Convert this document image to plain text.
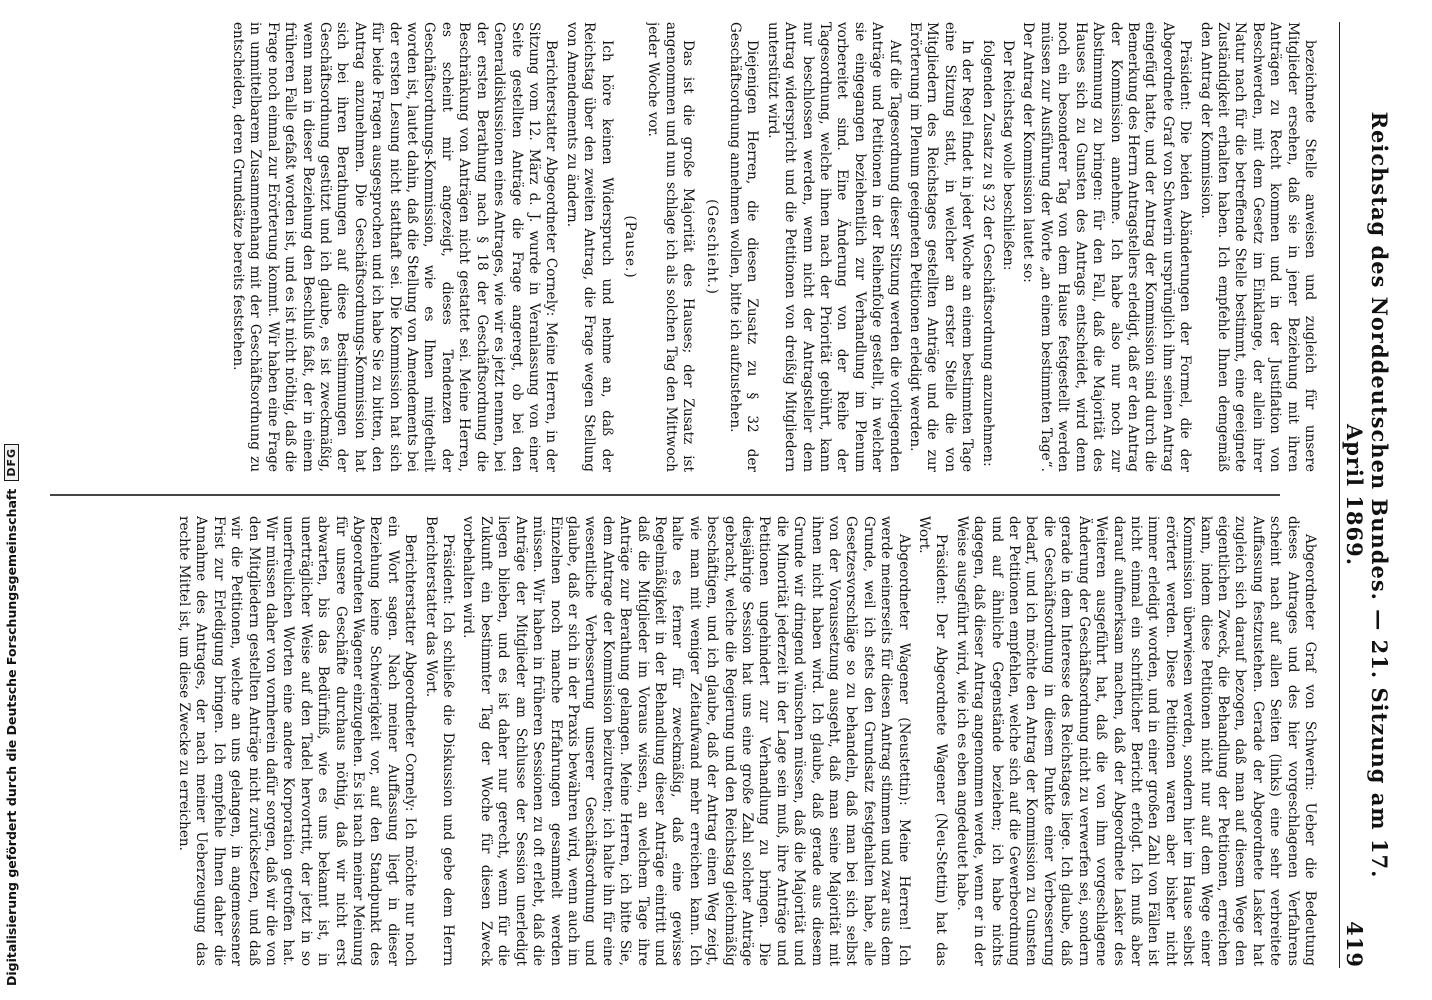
Reichstag des Norddeutschen Bundes. — 21. Sitzung am 17. April 1869.
419

bezeichnete Stelle anweisen und zugleich für unsere Mitglieder ersehen, daß sie in jener Beziehung mit ihren Anträgen zu Recht kommen und in der Justiflation von Beschwerden, mit dem Gesetz im Einklange, der allein ihrer Natur nach für die betreffende Stelle bestimmt, eine geeignete Zuständigkeit erhalten haben. Ich empfehle Ihnen demgemäß den Antrag der Kommission.

Präsident: Die beiden Abänderungen der Formel, die der Abgeordnete Graf von Schwerin ursprünglich ihm seinen Antrag eingefügt hatte, und der Antrag der Kommission sind durch die Bemerkung des Herrn Antragstellers erledigt, daß er den Antrag der Kommission annehme. Ich habe also nur noch zur Abstimmung zu bringen: für den Fall, daß die Majorität des Hauses sich zu Gunsten des Antrags entscheidet, wird denn noch ein besonderer Tag von dem Hause festgestellt werden müssen zur Ausführung der Worte „an einem bestimmten Tage“. Der Antrag der Kommission lautet so:

Der Reichstag wolle beschließen:

folgenden Zusatz zu § 32 der Geschäftsordnung anzunehmen:

In der Regel findet in jeder Woche an einem bestimmten Tage eine Sitzung statt, in welcher an erster Stelle die von Mitgliedern des Reichstages gestellten Anträge und die zur Erörterung im Plenum geeigneten Petitionen erledigt werden.

Auf die Tagesordnung dieser Sitzung werden die vorliegenden Anträge und Petitionen in der Reihenfolge gestellt, in welcher sie eingegangen beziehentlich zur Verhandlung im Plenum vorbereitet sind. Eine Änderung von der Reihe der Tagesordnung, welche ihnen nach der Priorität gebührt, kann nur beschlossen werden, wenn nicht der Antragsteller dem Antrag widerspricht und die Petitionen von dreißig Mitgliedern unterstützt wird.

Diejenigen Herren, die diesen Zusatz zu § 32 der Geschäftsordnung annehmen wollen, bitte ich aufzustehen.

(Geschieht.)

Das ist die große Majorität des Hauses; der Zusatz ist angenommen und nun schlage ich als solchen Tag den Mittwoch jeder Woche vor.

(Pause.)

Ich höre keinen Widerspruch und nehme an, daß der Reichstag über den zweiten Antrag, die Frage wegen Stellung von Amendements zu ändern.

Berichterstatter Abgeordneter Cornely: Meine Herren, in der Sitzung vom 12. März d. J. wurde in Veranlassung von einer Seite gestellten Anträge die Frage angeregt, ob bei den Generaldiskussionen eines Antrages, wie wir es jetzt nennen, bei der ersten Berathung nach § 18 der Geschäftsordnung die Beschränkung von Anträgen nicht gestattet sei. Meine Herren, es scheint mir angezeigt, dieses Tendenzen der Geschäftsordnungs-Kommission, wie es Ihnen mitgetheilt worden ist, lautet dahin, daß die Stellung von Amendements bei der ersten Lesung nicht statthaft sei. Die Kommission hat sich für beide Fragen ausgesprochen und ich habe Sie zu bitten, den Antrag anzunehmen. Die Geschäftsordnungs-Kommission hat sich bei ihren Berathungen auf diese Bestimmungen der Geschäftsordnung gestützt und ich glaube, es ist zweckmäßig, wenn man in dieser Beziehung den Beschluß faßt, der in einem früheren Falle gefaßt worden ist, und es ist nicht nöthig, daß die Frage noch einmal zur Erörterung kommt. Wir haben eine Frage in unmittelbarem Zusammenhang mit der Geschäftsordnung zu entscheiden, deren Grundsätze bereits feststehen.

Abgeordneter Graf von Schwerin: Ueber die Bedeutung dieses Antrages und des hier vorgeschlagenen Verfahrens scheint nach auf allen Seiten (links) eine sehr verbreitete Auffassung festzustehen. Gerade der Abgeordnete Lasker hat zugleich sich darauf bezogen, daß man auf diesem Wege den eigentlichen Zweck, die Behandlung der Petitionen, erreichen kann, indem diese Petitionen nicht nur auf dem Wege einer Kommission überwiesen werden, sondern hier im Hause selbst erörtert werden. Diese Petitionen waren aber bisher nicht immer erledigt worden, und in einer großen Zahl von Fällen ist nicht einmal ein schriftlicher Bericht erfolgt. Ich muß aber darauf aufmerksam machen, daß der Abgeordnete Lasker des Weiteren ausgeführt hat, daß die von ihm vorgeschlagene Änderung der Geschäftsordnung nicht zu verwerfen sei, sondern gerade in dem Interesse des Reichstages liege. Ich glaube, daß die Geschäftsordnung in diesem Punkte einer Verbesserung bedarf, und ich möchte den Antrag der Kommission zu Gunsten der Petitionen empfehlen, welche sich auf die Gewerbeordnung und auf ähnliche Gegenstände beziehen; ich habe nichts dagegen, daß dieser Antrag angenommen werde, wenn er in der Weise ausgeführt wird, wie ich es eben angedeutet habe.

Präsident: Der Abgeordnete Wagener (Neu-Stettin) hat das Wort.

Abgeordneter Wagener (Neustettin): Meine Herren! Ich werde meinerseits für diesen Antrag stimmen und zwar aus dem Grunde, weil ich stets den Grundsatz festgehalten habe, alle Gesetzesvorschläge so zu behandeln, daß man bei sich selbst von der Voraussetzung ausgeht, daß man seine Majorität mit ihnen nicht haben wird. Ich glaube, daß gerade aus diesem Grunde wir dringend wünschen müssen, daß die Majorität und die Minorität jederzeit in der Lage sein muß, ihre Anträge und Petitionen ungehindert zur Verhandlung zu bringen. Die diesjährige Session hat uns eine große Zahl solcher Anträge gebracht, welche die Regierung und den Reichstag gleichmäßig beschäftigen, und ich glaube, daß der Antrag einen Weg zeigt, wie man mit weniger Zeitaufwand mehr erreichen kann. Ich halte es ferner für zweckmäßig, daß eine gewisse Regelmäßigkeit in der Behandlung dieser Anträge eintritt und daß die Mitglieder im Voraus wissen, an welchem Tage ihre Anträge zur Berathung gelangen. Meine Herren, ich bitte Sie, dem Antrage der Kommission beizutreten; ich halte ihn für eine wesentliche Verbesserung unserer Geschäftsordnung und glaube, daß er sich in der Praxis bewähren wird, wenn auch im Einzelnen noch manche Erfahrungen gesammelt werden müssen. Wir haben in früheren Sessionen zu oft erlebt, daß die Anträge der Mitglieder am Schlusse der Session unerledigt liegen blieben, und es ist daher nur gerecht, wenn für die Zukunft ein bestimmter Tag der Woche für diesen Zweck vorbehalten wird.

Präsident: Ich schließe die Diskussion und gebe dem Herrn Berichterstatter das Wort.

Berichterstatter Abgeordneter Cornely: Ich möchte nur noch ein Wort sagen. Nach meiner Auffassung liegt in dieser Beziehung keine Schwierigkeit vor, auf den Standpunkt des Abgeordneten Wagener einzugehen. Es ist nach meiner Meinung für unsere Geschäfte durchaus nöthig, daß wir nicht erst abwarten, bis das Bedürfniß, wie es uns bekannt ist, in unerträglicher Weise auf den Tadel hervortritt, der jetzt in so unerfreulichen Worten eine andere Korporation getroffen hat. Wir müssen daher von vornherein dafür sorgen, daß wir die von den Mitgliedern gestellten Anträge nicht zurücksetzen, und daß wir die Petitionen, welche an uns gelangen, in angemessener Frist zur Erledigung bringen. Ich empfehle Ihnen daher die Annahme des Antrages, der nach meiner Ueberzeugung das rechte Mittel ist, um diese Zwecke zu erreichen.

Digitalisierung gefördert durch die Deutsche Forschungsgemeinschaft
DFG
